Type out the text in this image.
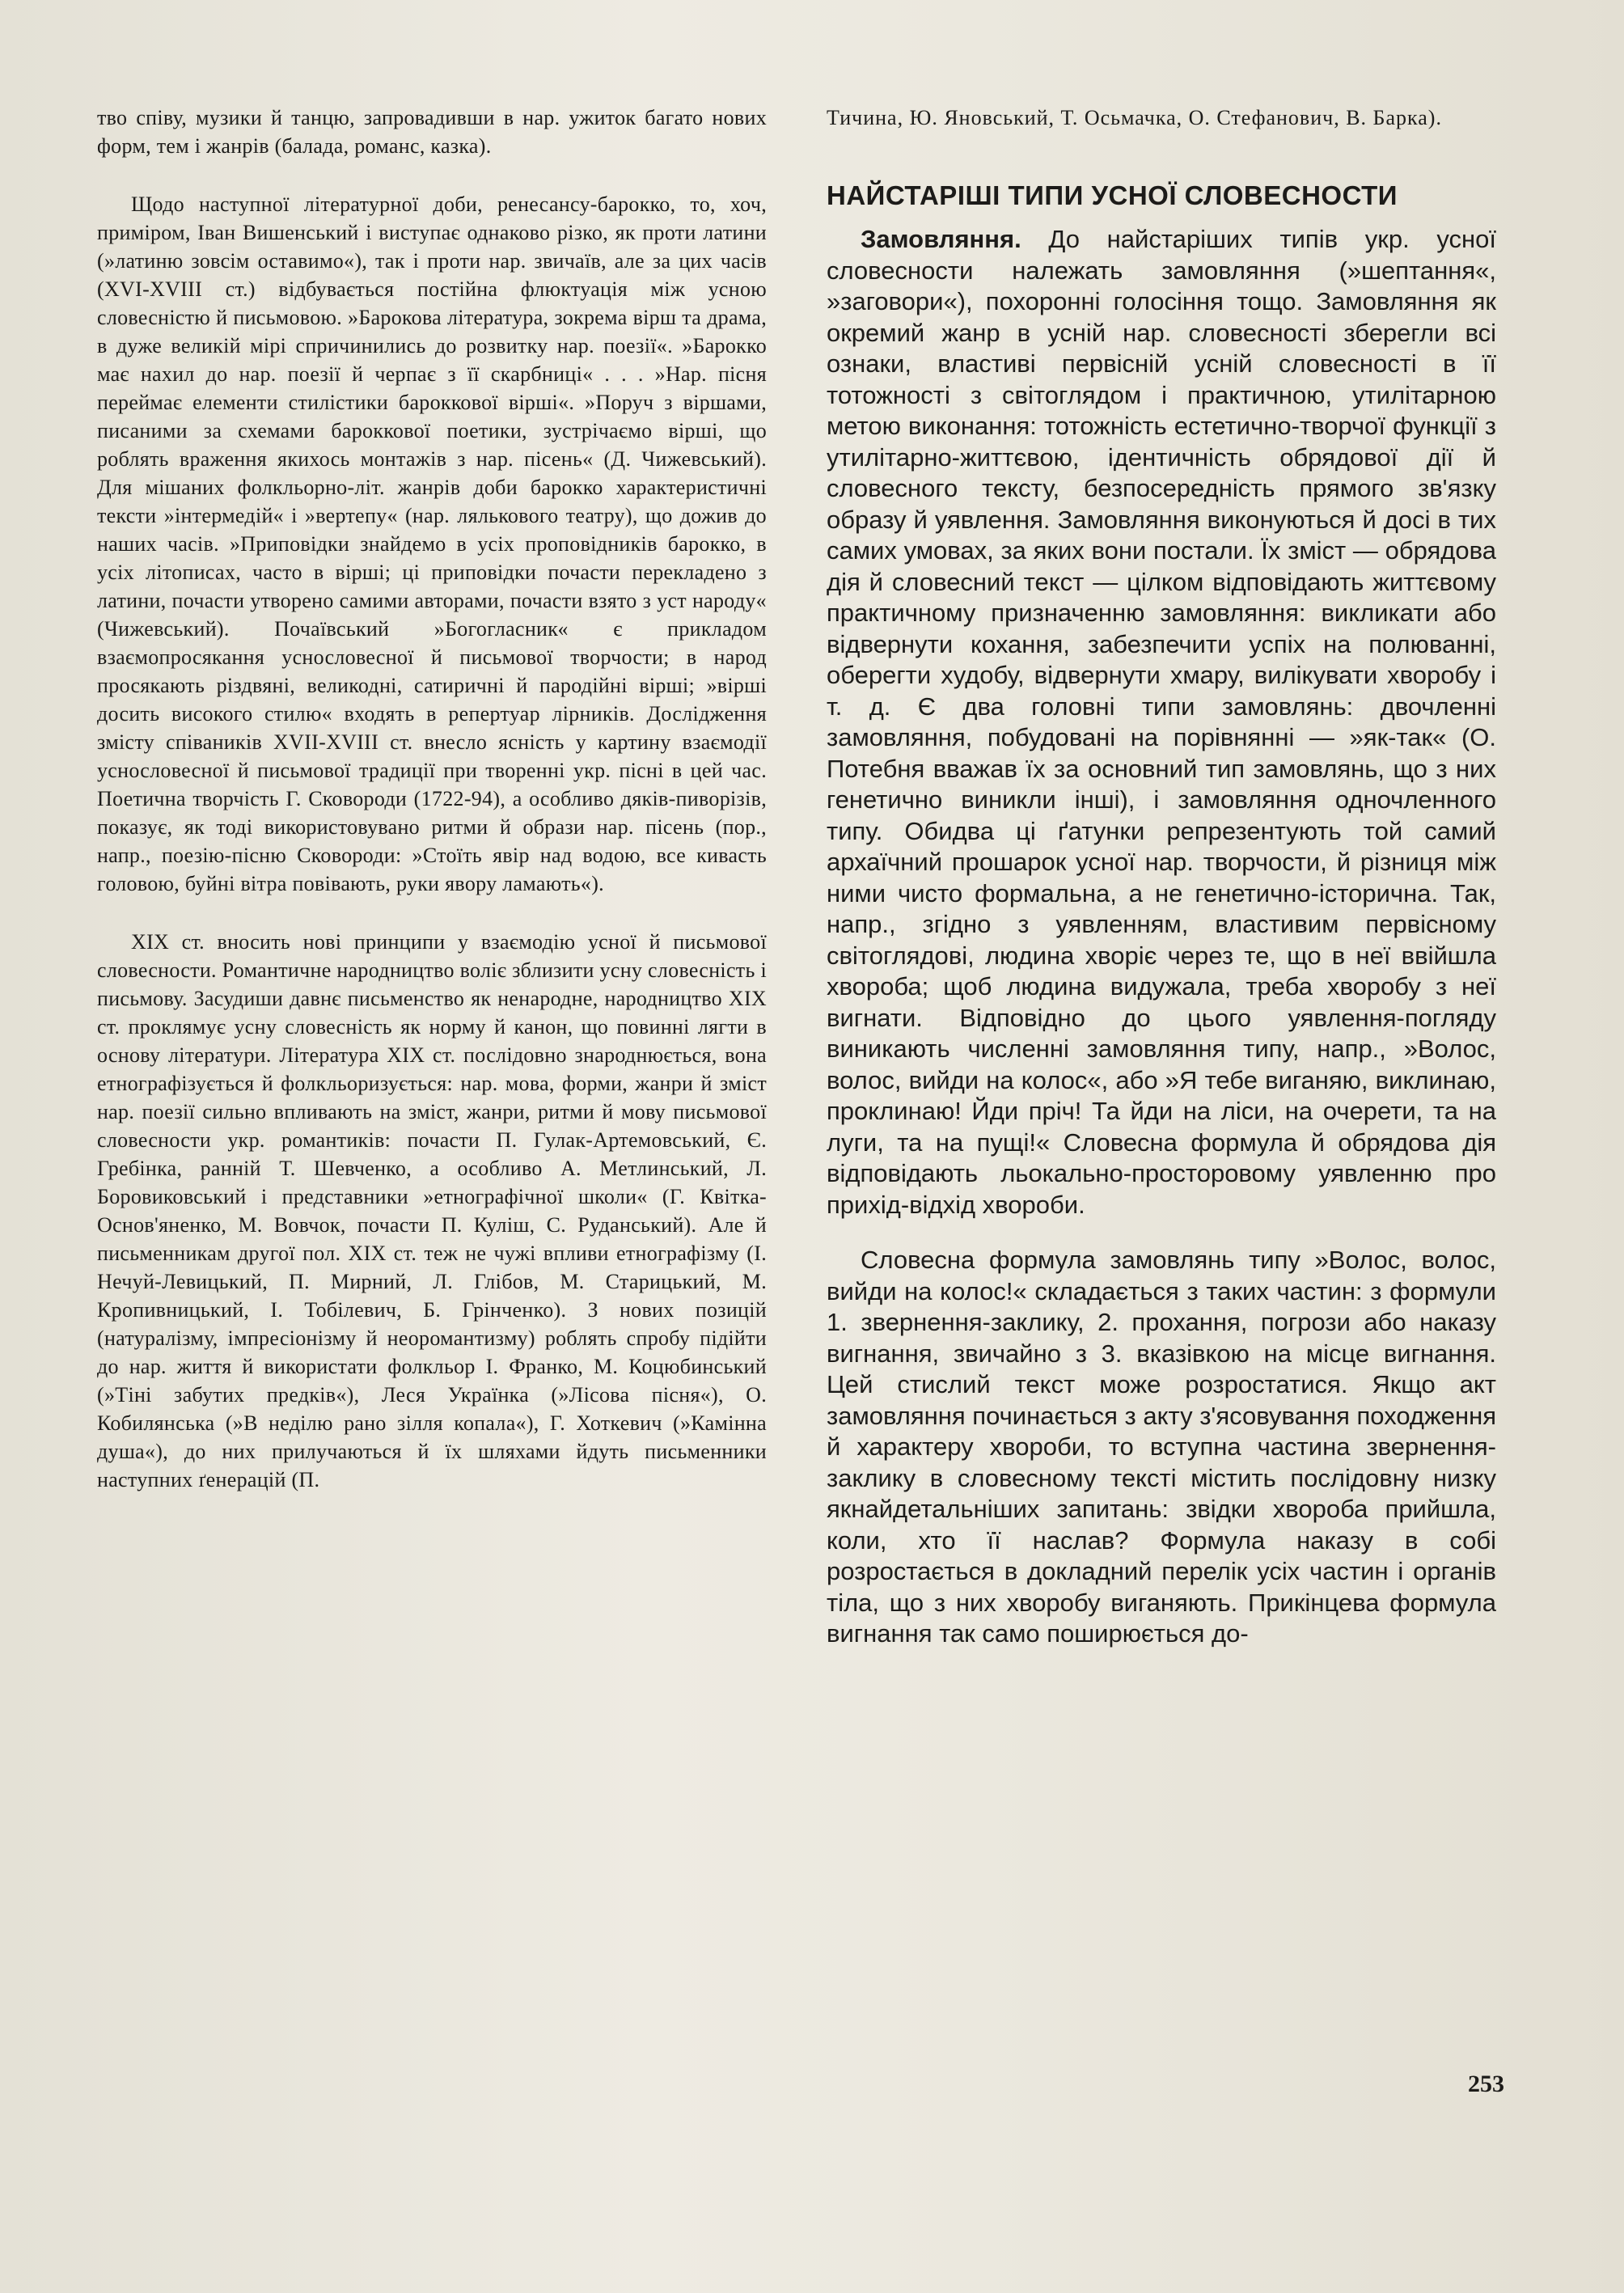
тво співу, музики й танцю, запровадивши в нар. ужиток багато нових форм, тем і жанрів (балада, романс, казка).

Щодо наступної літературної доби, ренесансу-барокко, то, хоч, приміром, Іван Вишенський і виступає однаково різко, як проти латини (»латиню зовсім оставимо«), так і проти нар. звичаїв, але за цих часів (XVI-XVIII ст.) відбувається постійна флюктуація між усною словесністю й письмовою. »Барокова література, зокрема вірш та драма, в дуже великій мірі спричинились до розвитку нар. поезії«. »Барокко має нахил до нар. поезії й черпає з її скарбниці« . . . »Нар. пісня переймає елементи стилістики бароккової вірші«. »Поруч з віршами, писаними за схемами бароккової поетики, зустрічаємо вірші, що роблять враження якихось монтажів з нар. пісень« (Д. Чижевський). Для мішаних фолкльорно-літ. жанрів доби барокко характеристичні тексти »інтермедій« і »вертепу« (нар. лялькового театру), що дожив до наших часів. »Приповідки знайдемо в усіх проповідників барокко, в усіх літописах, часто в вірші; ці приповідки почасти перекладено з латини, почасти утворено самими авторами, почасти взято з уст народу« (Чижевський). Почаївський »Богогласник« є прикладом взаємопросякання уснословесної й письмової творчости; в народ просякають різдвяні, великодні, сатиричні й пародійні вірші; »вірші досить високого стилю« входять в репертуар лірників. Дослідження змісту співаників XVII-XVIII ст. внесло ясність у картину взаємодії уснословесної й письмової традиції при творенні укр. пісні в цей час. Поетична творчість Г. Сковороди (1722-94), а особливо дяків-пиворізів, показує, як тоді використовувано ритми й образи нар. пісень (пор., напр., поезію-пісню Сковороди: »Стоїть явір над водою, все кивасть головою, буйні вітра повівають, руки явору ламають«).

XIX ст. вносить нові принципи у взаємодію усної й письмової словесности. Романтичне народництво воліє зблизити усну словесність і письмову. Засудиши давнє письменство як ненародне, народництво XIX ст. проклямує усну словесність як норму й канон, що повинні лягти в основу літератури. Література XIX ст. послідовно знароднюється, вона етнографізується й фолкльоризується: нар. мова, форми, жанри й зміст нар. поезії сильно впливають на зміст, жанри, ритми й мову письмової словесности укр. романтиків: почасти П. Гулак-Артемовський, Є. Гребінка, ранній Т. Шевченко, а особливо А. Метлинський, Л. Боровиковський і представники »етнографічної школи« (Г. Квітка-Основ'яненко, М. Вовчок, почасти П. Куліш, С. Руданський). Але й письменникам другої пол. XIX ст. теж не чужі впливи етнографізму (І. Нечуй-Левицький, П. Мирний, Л. Глібов, М. Старицький, М. Кропивницький, І. Тобілевич, Б. Грінченко). З нових позицій (натуралізму, імпресіонізму й неоромантизму) роблять спробу підійти до нар. життя й використати фолкльор І. Франко, М. Коцюбинський (»Тіні забутих предків«), Леся Українка (»Лісова пісня«), О. Кобилянська (»В неділю рано зілля копала«), Г. Хоткевич (»Камінна душа«), до них прилучаються й їх шляхами йдуть письменники наступних ґенерацій (П.

Тичина, Ю. Яновський, Т. Осьмачка, О. Стефанович, В. Барка).

НАЙСТАРІШІ ТИПИ УСНОЇ СЛОВЕСНОСТИ

Замовляння. До найстаріших типів укр. усної словесности належать замовляння (»шептання«, »заговори«), похоронні голосіння тощо. Замовляння як окремий жанр в усній нар. словесності зберегли всі ознаки, властиві первісній усній словесності в її тотожності з світоглядом і практичною, утилітарною метою виконання: тотожність естетично-творчої функції з утилітарно-життєвою, ідентичність обрядової дії й словесного тексту, безпосередність прямого зв'язку образу й уявлення. Замовляння виконуються й досі в тих самих умовах, за яких вони постали. Їх зміст — обрядова дія й словесний текст — цілком відповідають життєвому практичному призначенню замовляння: викликати або відвернути кохання, забезпечити успіх на полюванні, оберегти худобу, відвернути хмару, вилікувати хворобу і т. д. Є два головні типи замовлянь: двочленні замовляння, побудовані на порівнянні — »як-так« (О. Потебня вважав їх за основний тип замовлянь, що з них генетично виникли інші), і замовляння одночленного типу. Обидва ці ґатунки репрезентують той самий архаїчний прошарок усної нар. творчости, й різниця між ними чисто формальна, а не генетично-історична. Так, напр., згідно з уявленням, властивим первісному світоглядові, людина хворіє через те, що в неї ввійшла хвороба; щоб людина видужала, треба хворобу з неї вигнати. Відповідно до цього уявлення-погляду виникають численні замовляння типу, напр., »Волос, волос, вийди на колос«, або »Я тебе виганяю, виклинаю, проклинаю! Йди пріч! Та йди на ліси, на очерети, та на луги, та на пущі!« Словесна формула й обрядова дія відповідають льокально-просторовому уявленню про прихід-відхід хвороби.

Словесна формула замовлянь типу »Волос, волос, вийди на колос!« складається з таких частин: з формули 1. звернення-заклику, 2. прохання, погрози або наказу вигнання, звичайно з 3. вказівкою на місце вигнання. Цей стислий текст може розростатися. Якщо акт замовляння починається з акту з'ясовування походження й характеру хвороби, то вступна частина звернення-заклику в словесному тексті містить послідовну низку якнайдетальніших запитань: звідки хвороба прийшла, коли, хто її наслав? Формула наказу в собі розростається в докладний перелік усіх частин і органів тіла, що з них хворобу виганяють. Прикінцева формула вигнання так само поширюється до-

253
